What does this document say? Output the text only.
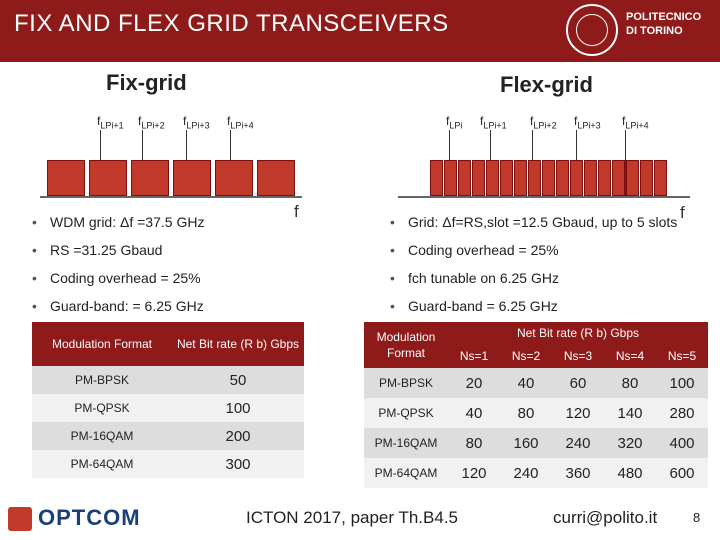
FIX AND FLEX GRID TRANSCEIVERS	POLITECNICO
DI TORINO
Fix-grid
$f_{LPi+1}$ $f_{LPi+2}$ $f_{LPi+3}$ $f_{LPi+4}$
f
• WDM grid: Δf =37.5 GHz
• RS =31.25 Gbaud
• Coding overhead = 25%
• Guard-band: = 6.25 GHz
Flex-grid
$f_{LPi}$ $f_{LPi+1}$ $f_{LPi+2}$ $f_{LPi+3}$ $f_{LPi+4}$
f
• Grid: Δf=RS,slot =12.5 Gbaud, up to 5 slots
• Coding overhead = 25%
• fch tunable on 6.25 GHz
• Guard-band = 6.25 GHz
Modulation Format	Net Bit rate (R b) Gbps
PM-BPSK	50
PM-QPSK	100
PM-16QAM	200
PM-64QAM	300
Modulation Format	Net Bit rate (R b) Gbps				
	Ns=1	Ns=2	Ns=3	Ns=4	Ns=5
PM-BPSK	20	40	60	80	100
PM-QPSK	40	80	120	140	280
PM-16QAM	80	160	240	320	400
PM-64QAM	120	240	360	480	600
OPTCOM	ICTON 2017, paper Th.B4.5	curri@polito.it	8
